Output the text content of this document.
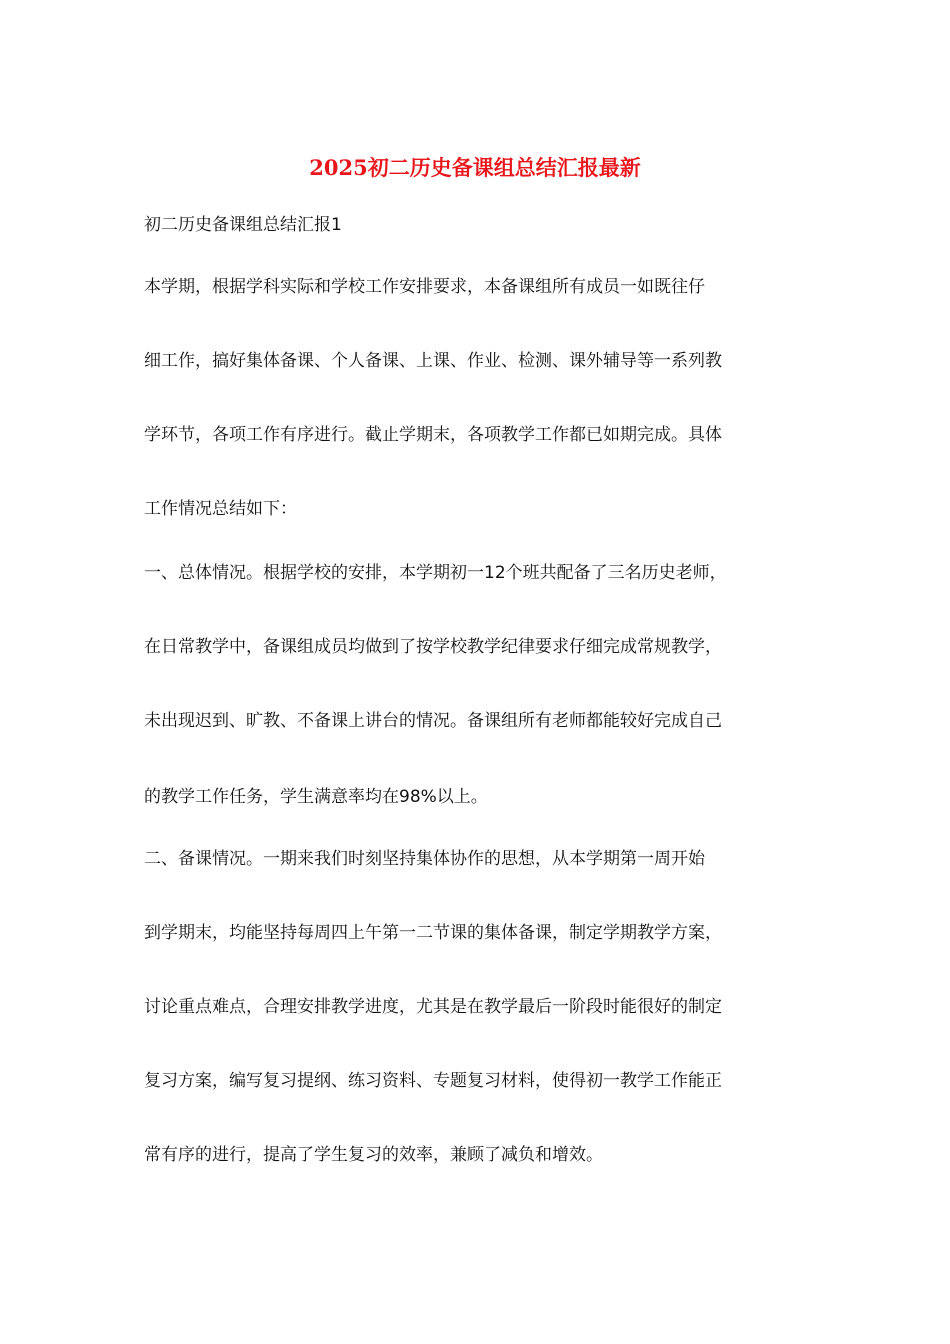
2025初二历史备课组总结汇报最新

初二历史备课组总结汇报1

本学期，根据学科实际和学校工作安排要求，本备课组所有成员一如既往仔

细工作，搞好集体备课、个人备课、上课、作业、检测、课外辅导等一系列教

学环节，各项工作有序进行。截止学期末，各项教学工作都已如期完成。具体

工作情况总结如下：

一、总体情况。根据学校的安排，本学期初一12个班共配备了三名历史老师，

在日常教学中，备课组成员均做到了按学校教学纪律要求仔细完成常规教学，

未出现迟到、旷教、不备课上讲台的情况。备课组所有老师都能较好完成自己

的教学工作任务，学生满意率均在98%以上。

二、备课情况。一期来我们时刻坚持集体协作的思想，从本学期第一周开始

到学期末，均能坚持每周四上午第一二节课的集体备课，制定学期教学方案，

讨论重点难点，合理安排教学进度，尤其是在教学最后一阶段时能很好的制定

复习方案，编写复习提纲、练习资料、专题复习材料，使得初一教学工作能正

常有序的进行，提高了学生复习的效率，兼顾了减负和增效。
